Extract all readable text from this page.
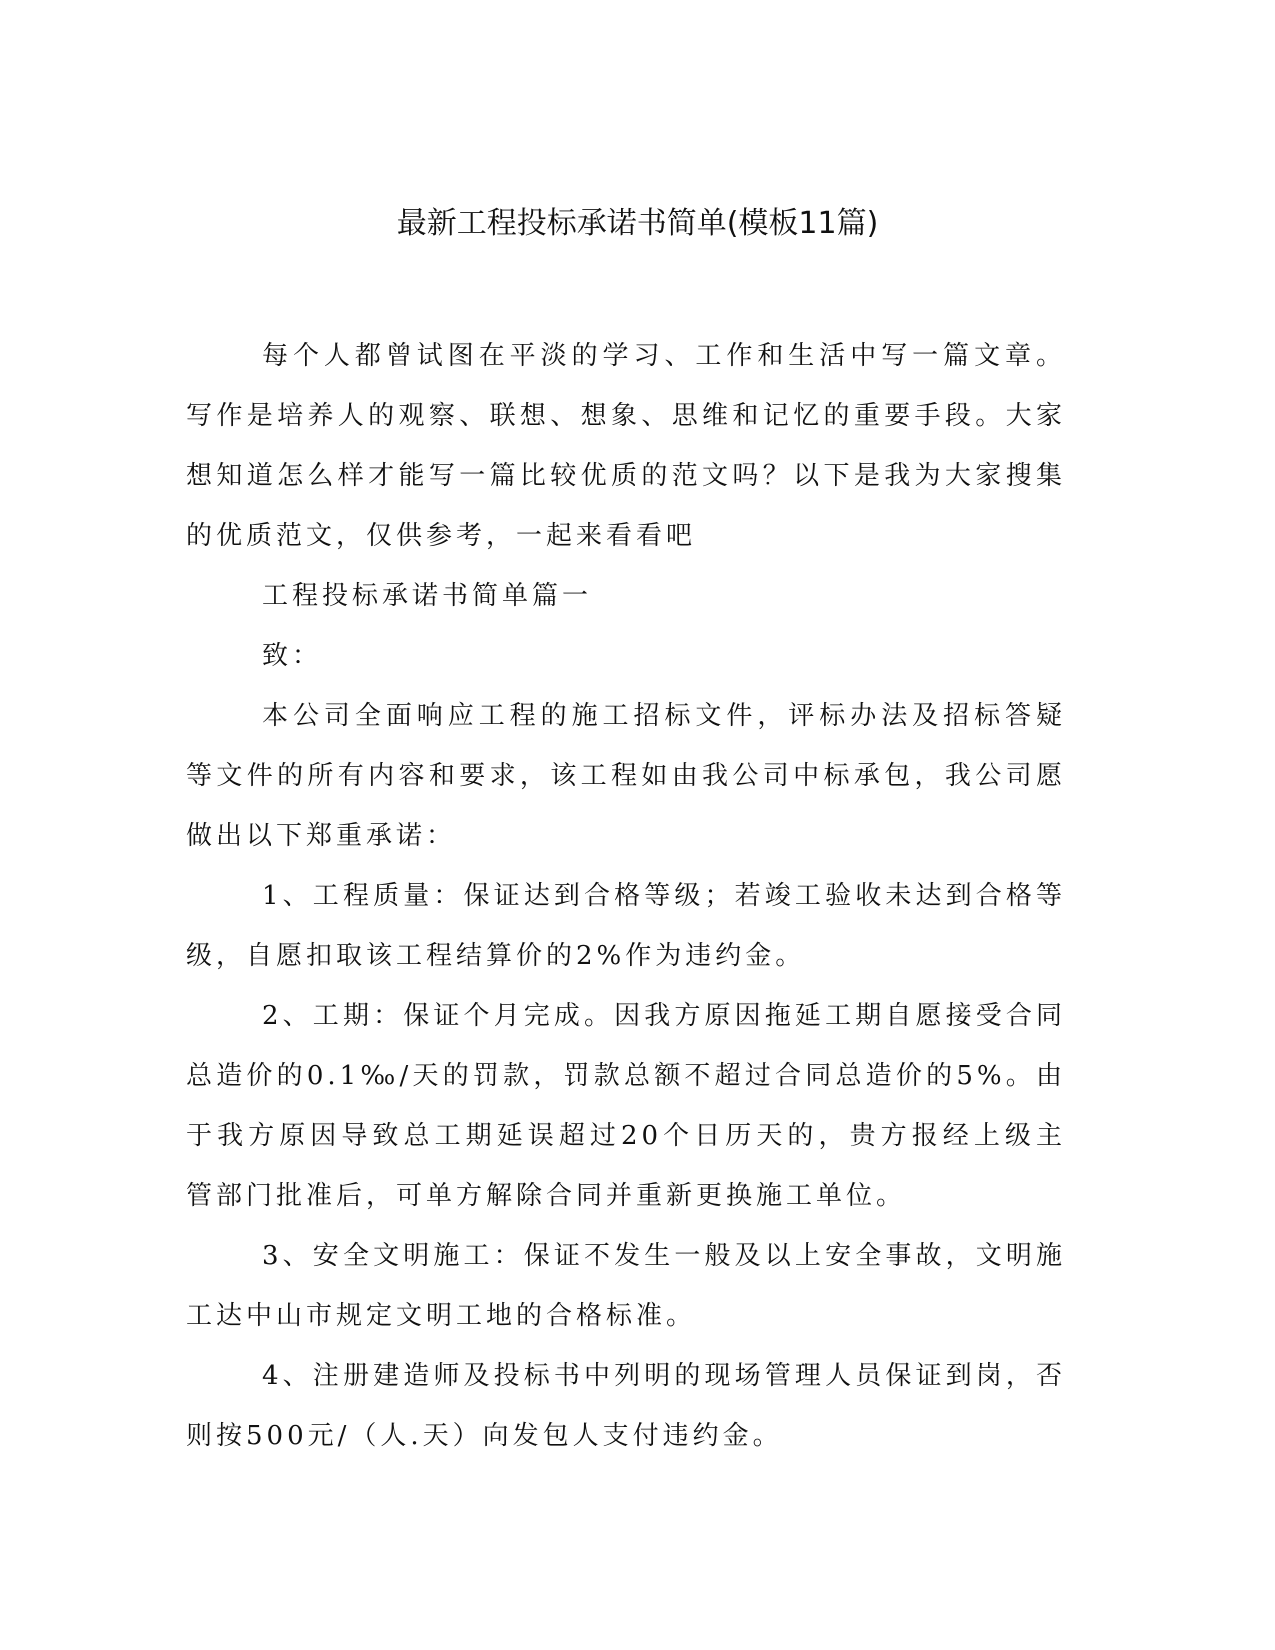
最新工程投标承诺书简单(模板11篇)

每个人都曾试图在平淡的学习、工作和生活中写一篇文章。写作是培养人的观察、联想、想象、思维和记忆的重要手段。大家想知道怎么样才能写一篇比较优质的范文吗？以下是我为大家搜集的优质范文，仅供参考，一起来看看吧

工程投标承诺书简单篇一

致：

本公司全面响应工程的施工招标文件，评标办法及招标答疑等文件的所有内容和要求，该工程如由我公司中标承包，我公司愿做出以下郑重承诺：

1、工程质量：保证达到合格等级；若竣工验收未达到合格等级，自愿扣取该工程结算价的2%作为违约金。

2、工期：保证个月完成。因我方原因拖延工期自愿接受合同总造价的0.1‰/天的罚款，罚款总额不超过合同总造价的5%。由于我方原因导致总工期延误超过20个日历天的，贵方报经上级主管部门批准后，可单方解除合同并重新更换施工单位。

3、安全文明施工：保证不发生一般及以上安全事故，文明施工达中山市规定文明工地的合格标准。

4、注册建造师及投标书中列明的现场管理人员保证到岗，否则按500元/（人.天）向发包人支付违约金。
